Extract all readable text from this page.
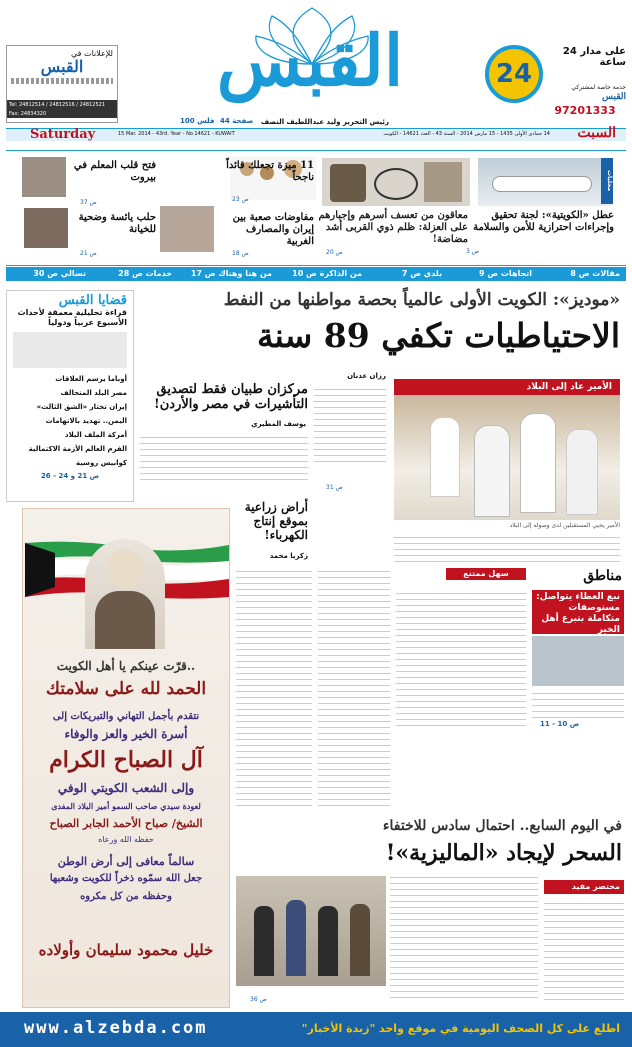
للإعلانات في
القبس
Tel: 24812514 / 24812516 / 24812521
Fax: 24834320
القبس	24
على مدار 24 ساعة
خدمة خاصة لمشتركي
القبس
97201333
رئيس التحرير وليد عبداللطيف النصف
44 صفحة
100 فلس
Saturday	15 Mar. 2014 - 43rd. Year - No.14621 - KUWAIT	14 جمادى الأولى 1435 - 15 مارس 2014 - السنة 43 - العدد 14621 - الكويت	السبت
محليات
عطل «الكويتية»: لجنة تحقيق وإجراءات احترازية للأمن والسلامة
ص 3
معاقون من تعسف أسرهم وإجبارهم على العزلة: ظلم ذوي القربى أشد مضاضة!
ص 20
11 ميزة تجعلك قائداً ناجحاً
ص 23
مفاوضات صعبة بين إيران والمصارف الغربية
ص 18
فتح قلب المعلم في بيروت
ص 37
حلب يائسة وضحية للخيانة
ص 21
مقالات ص 8
اتجاهات ص 9
بلدي ص 7
من الذاكرة ص 10
من هنا وهناك ص 17
خدمات ص 28
تسالي ص 30
قضايا القبس
قراءة تحليلية معمقة لأحداث الأسبوع عربياً ودولياً
أوباما يرسم العلاقات
مصر البلد المتحالف
إيران تختار «الشق الثالث»
اليمن.. تهديد بالاتهامات
أمركة الملف البلاد
القرم العالم الأزمة الاكتمالية
كوابيس روسية
ص 21 و 24 - 26
«موديز»: الكويت الأولى عالمياً بحصة مواطنها من النفط
الاحتياطيات تكفي 89 سنة
رزان عدنان
ص 31
الأمير عاد إلى البلاد
الأمير يحيي المستقبلين لدى وصوله إلى البلاد
مركزان طبيان فقط لتصديق التأشيرات في مصر والأردن!
يوسف المطيري
أراض زراعية بموقع إنتاج الكهرباء!
زكريا محمد
قرّت عينكم يا أهل الكويت..
الحمد لله على سلامتك
نتقدم بأجمل التهاني والتبريكات إلى
أسرة الخير والعز والوفاء
آل الصباح الكرام
وإلى الشعب الكويتي الوفي
لعودة سيدي صاحب السمو أمير البلاد المفدى
الشيخ/ صباح الأحمد الجابر الصباح
حفظه الله ورعاه
سالماً معافى إلى أرض الوطن
جعل الله سمّوه ذخراً للكويت وشعبها
وحفظه من كل مكروه
خليل محمود سليمان وأولاده
مناطق
نبع العطاء يتواصل: مستوصفات متكاملة بتبرع أهل الخير
ص 10 - 11
سهل ممتنع
في اليوم السابع.. احتمال سادس للاختفاء
السحر لإيجاد «الماليزية»!
ص 36
مختصر مفيد
www.alzebda.com	اطلع على كل الصحف اليومية في موقع واحد "زبدة الأخبار"
